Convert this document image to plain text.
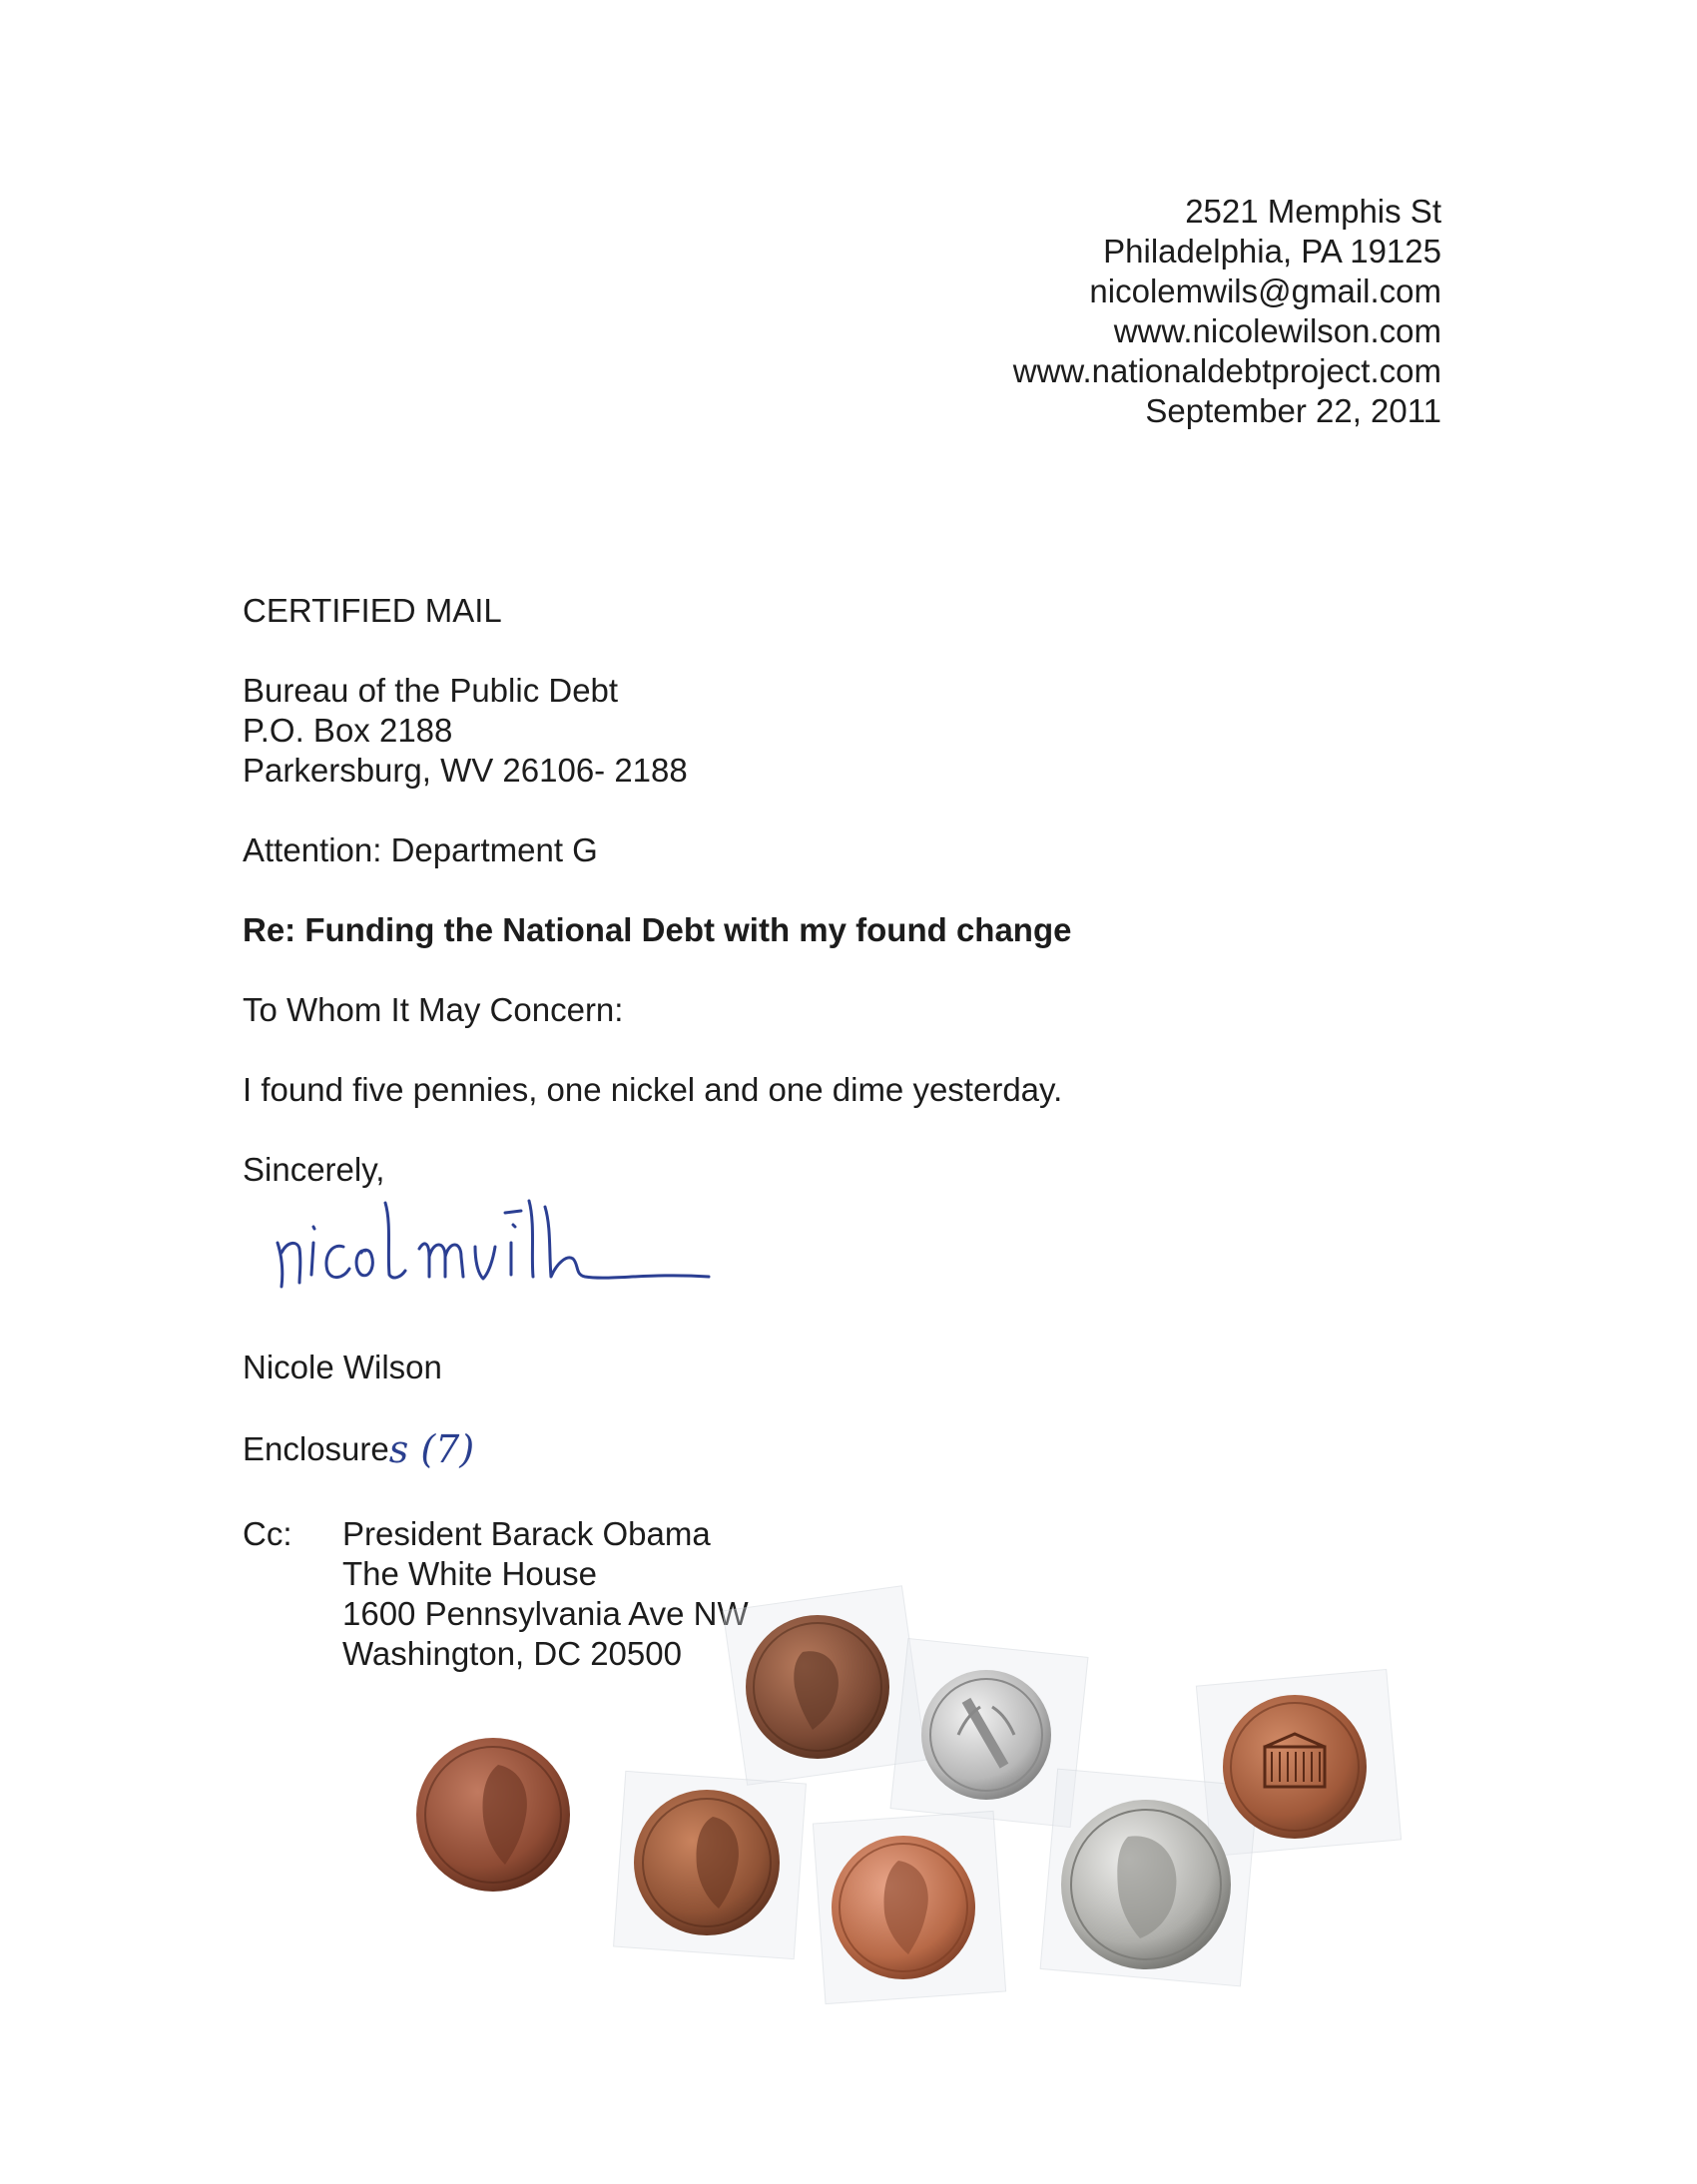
2521 Memphis St
Philadelphia, PA 19125
nicolemwils@gmail.com
www.nicolewilson.com
www.nationaldebtproject.com
September 22, 2011
CERTIFIED MAIL
Bureau of the Public Debt
P.O. Box 2188
Parkersburg, WV 26106- 2188
Attention: Department G
Re: Funding the National Debt with my found change
To Whom It May Concern:
I found five pennies, one nickel and one dime yesterday.
Sincerely,
Nicole Wilson
Enclosures (7)
Cc: President Barack Obama
The White House
1600 Pennsylvania Ave NW
Washington, DC 20500
